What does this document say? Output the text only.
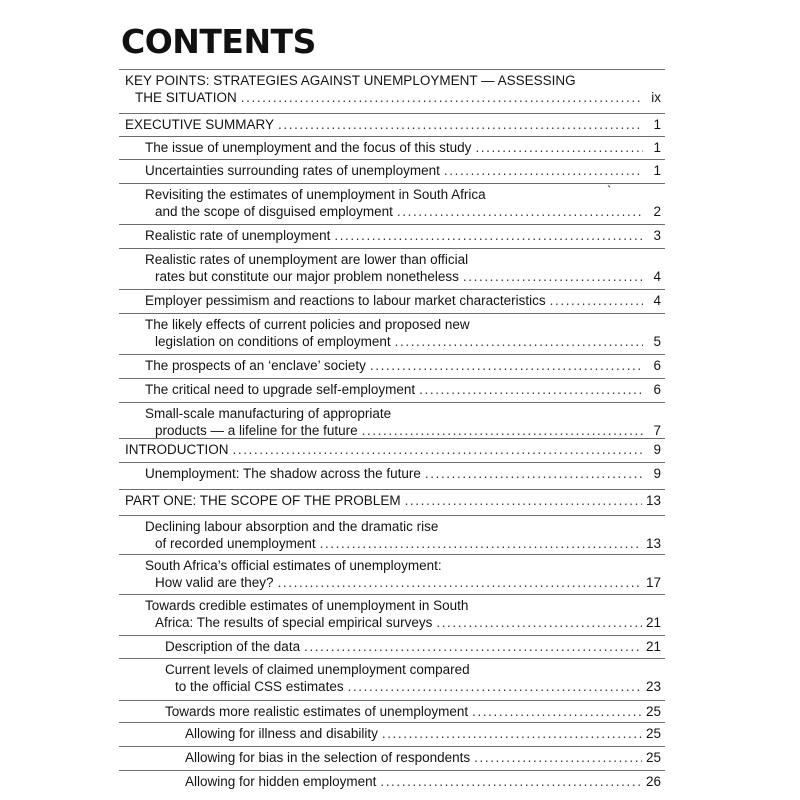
CONTENTS
`
KEY POINTS: STRATEGIES AGAINST UNEMPLOYMENT — ASSESSING
THE SITUATION .....	ix
EXECUTIVE SUMMARY .....	1
The issue of unemployment and the focus of this study .....	1
Uncertainties surrounding rates of unemployment .....	1
Revisiting the estimates of unemployment in South Africa
and the scope of disguised employment .....	2
Realistic rate of unemployment .....	3
Realistic rates of unemployment are lower than official
rates but constitute our major problem nonetheless .....	4
Employer pessimism and reactions to labour market characteristics .....	4
The likely effects of current policies and proposed new
legislation on conditions of employment .....	5
The prospects of an ‘enclave’ society .....	6
The critical need to upgrade self-employment .....	6
Small-scale manufacturing of appropriate
products — a lifeline for the future .....	7
INTRODUCTION .....	9
Unemployment: The shadow across the future .....	9
PART ONE: THE SCOPE OF THE PROBLEM .....	13
Declining labour absorption and the dramatic rise
of recorded unemployment .....	13
South Africa’s official estimates of unemployment:
How valid are they? .....	17
Towards credible estimates of unemployment in South
Africa: The results of special empirical surveys .....	21
Description of the data .....	21
Current levels of claimed unemployment compared
to the official CSS estimates .....	23
Towards more realistic estimates of unemployment .....	25
Allowing for illness and disability .....	25
Allowing for bias in the selection of respondents .....	25
Allowing for hidden employment .....	26
